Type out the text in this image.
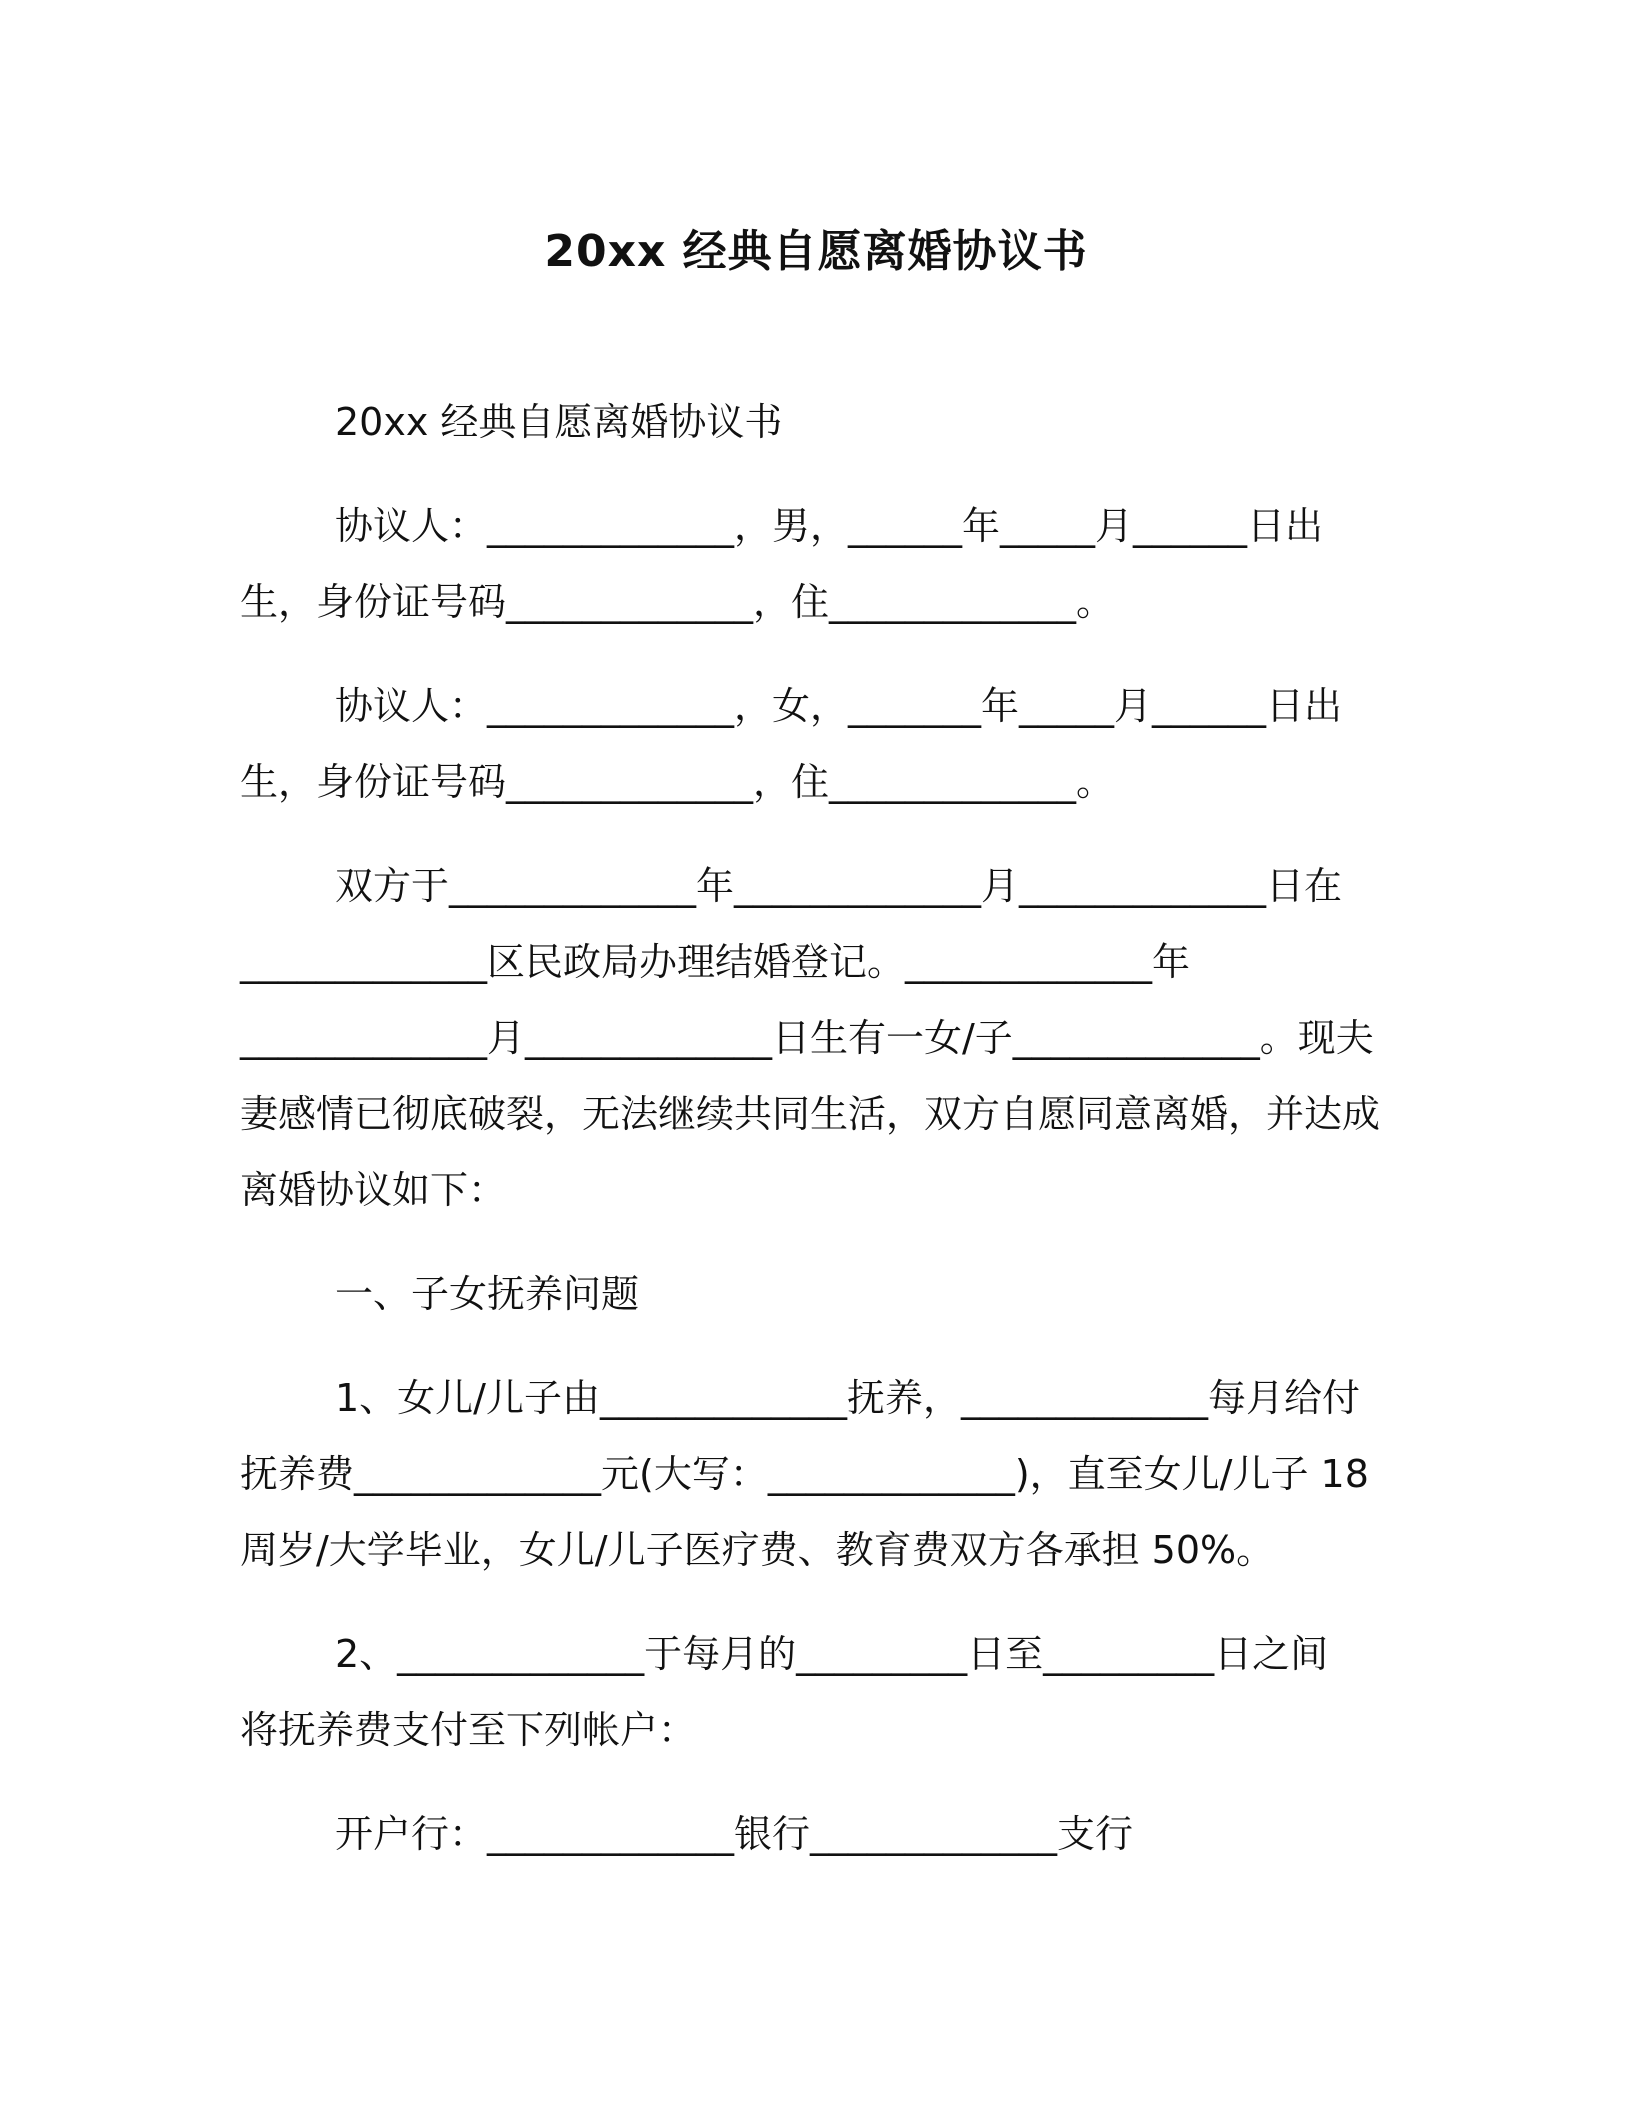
20xx 经典自愿离婚协议书
20xx 经典自愿离婚协议书
协议人：_____________，男，______年_____月______日出
生，身份证号码_____________，住_____________。
协议人：_____________，女，_______年_____月______日出
生，身份证号码_____________，住_____________。
双方于_____________年_____________月_____________日在
_____________区民政局办理结婚登记。_____________年
_____________月_____________日生有一女/子_____________。现夫
妻感情已彻底破裂，无法继续共同生活，双方自愿同意离婚，并达成
离婚协议如下：
一、子女抚养问题
1、女儿/儿子由_____________抚养，_____________每月给付
抚养费_____________元(大写：_____________)，直至女儿/儿子 18
周岁/大学毕业，女儿/儿子医疗费、教育费双方各承担 50%。
2、_____________于每月的_________日至_________日之间
将抚养费支付至下列帐户：
开户行：_____________银行_____________支行
